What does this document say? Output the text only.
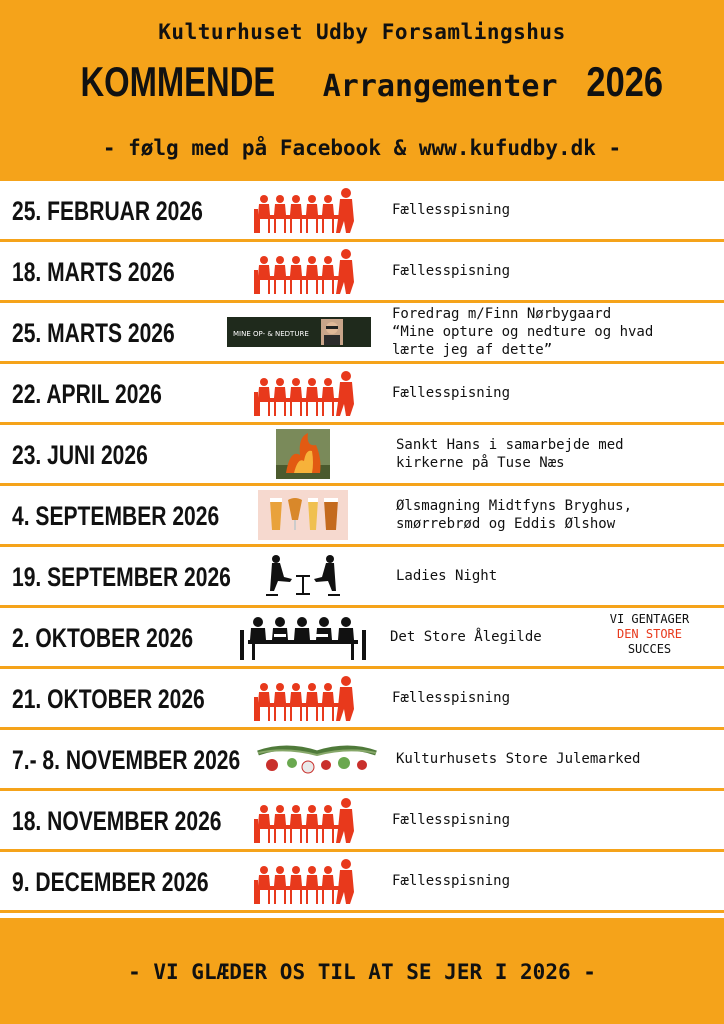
Kulturhuset Udby Forsamlingshus
KOMMENDE Arrangementer 2026
- følg med på Facebook & www.kufudby.dk -
25. FEBRUAR 2026	Fællesspisning
18. MARTS 2026	Fællesspisning
25. MARTS 2026	MINE OP- & NEDTURE
Foredrag m/Finn Nørbygaard
“Mine opture og nedture og hvad
lærte jeg af dette”
22. APRIL 2026	Fællesspisning
23. JUNI 2026	Sankt Hans i samarbejde med
kirkerne på Tuse Næs
4. SEPTEMBER 2026	Ølsmagning Midtfyns Bryghus,
smørrebrød og Eddis Ølshow
19. SEPTEMBER 2026	Ladies Night
2. OKTOBER 2026	Det Store Ålegilde
VI GENTAGER
DEN STORE
SUCCES
21. OKTOBER 2026	Fællesspisning
7.- 8. NOVEMBER 2026	Kulturhusets Store Julemarked
18. NOVEMBER 2026	Fællesspisning
9. DECEMBER 2026	Fællesspisning
- VI GLÆDER OS TIL AT SE JER I 2026 -
